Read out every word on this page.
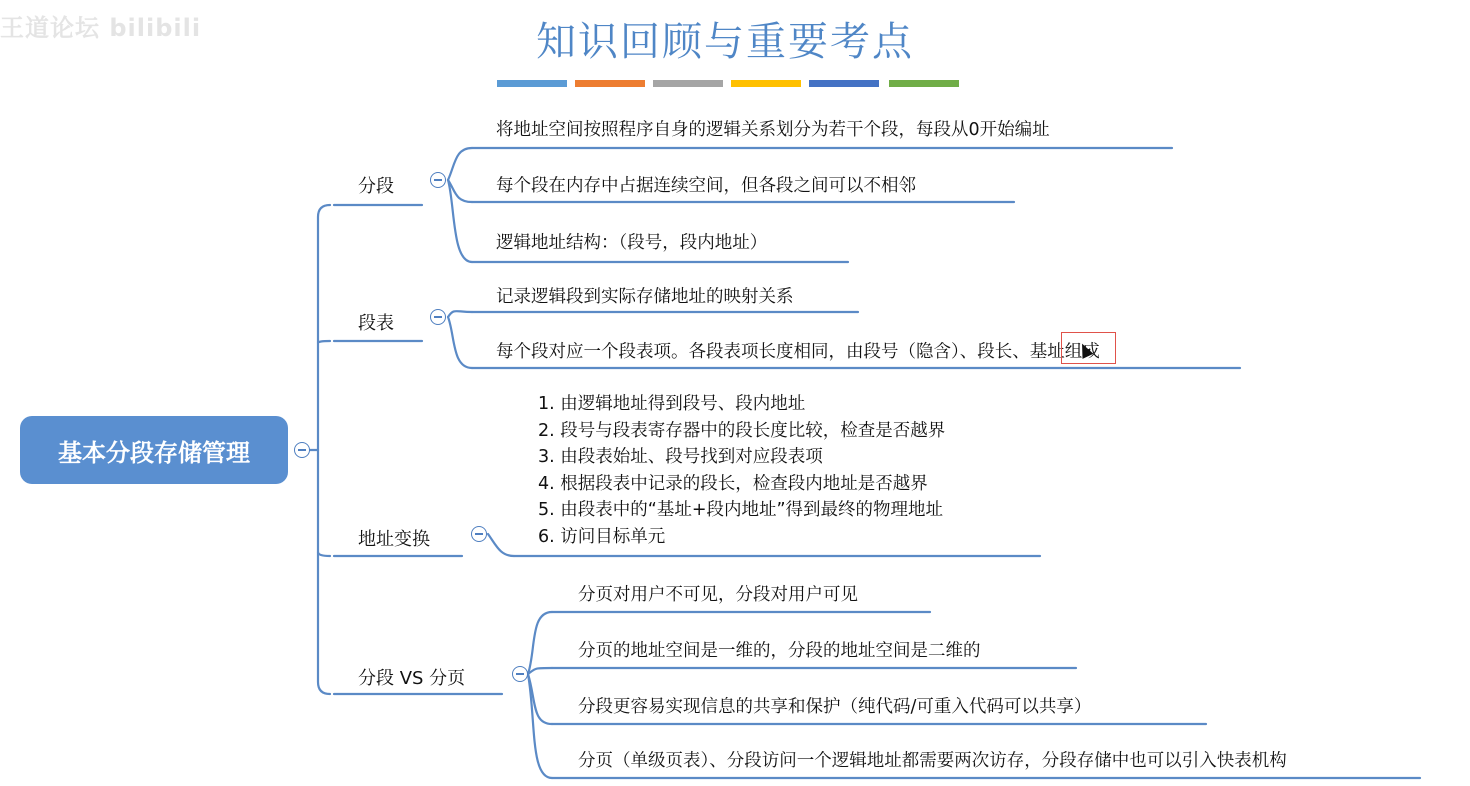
王道论坛 bilibili	知识回顾与重要考点
基本分段存储管理
分段
将地址空间按照程序自身的逻辑关系划分为若干个段，每段从0开始编址
每个段在内存中占据连续空间，但各段之间可以不相邻
逻辑地址结构：（段号，段内地址）
段表
记录逻辑段到实际存储地址的映射关系
每个段对应一个段表项。各段表项长度相同，由段号（隐含）、段长、基址组成
地址变换
1. 由逻辑地址得到段号、段内地址
2. 段号与段表寄存器中的段长度比较，检查是否越界
3. 由段表始址、段号找到对应段表项
4. 根据段表中记录的段长，检查段内地址是否越界
5. 由段表中的“基址+段内地址”得到最终的物理地址
6. 访问目标单元
分段 VS 分页
分页对用户不可见，分段对用户可见
分页的地址空间是一维的，分段的地址空间是二维的
分段更容易实现信息的共享和保护（纯代码/可重入代码可以共享）
分页（单级页表）、分段访问一个逻辑地址都需要两次访存，分段存储中也可以引入快表机构
